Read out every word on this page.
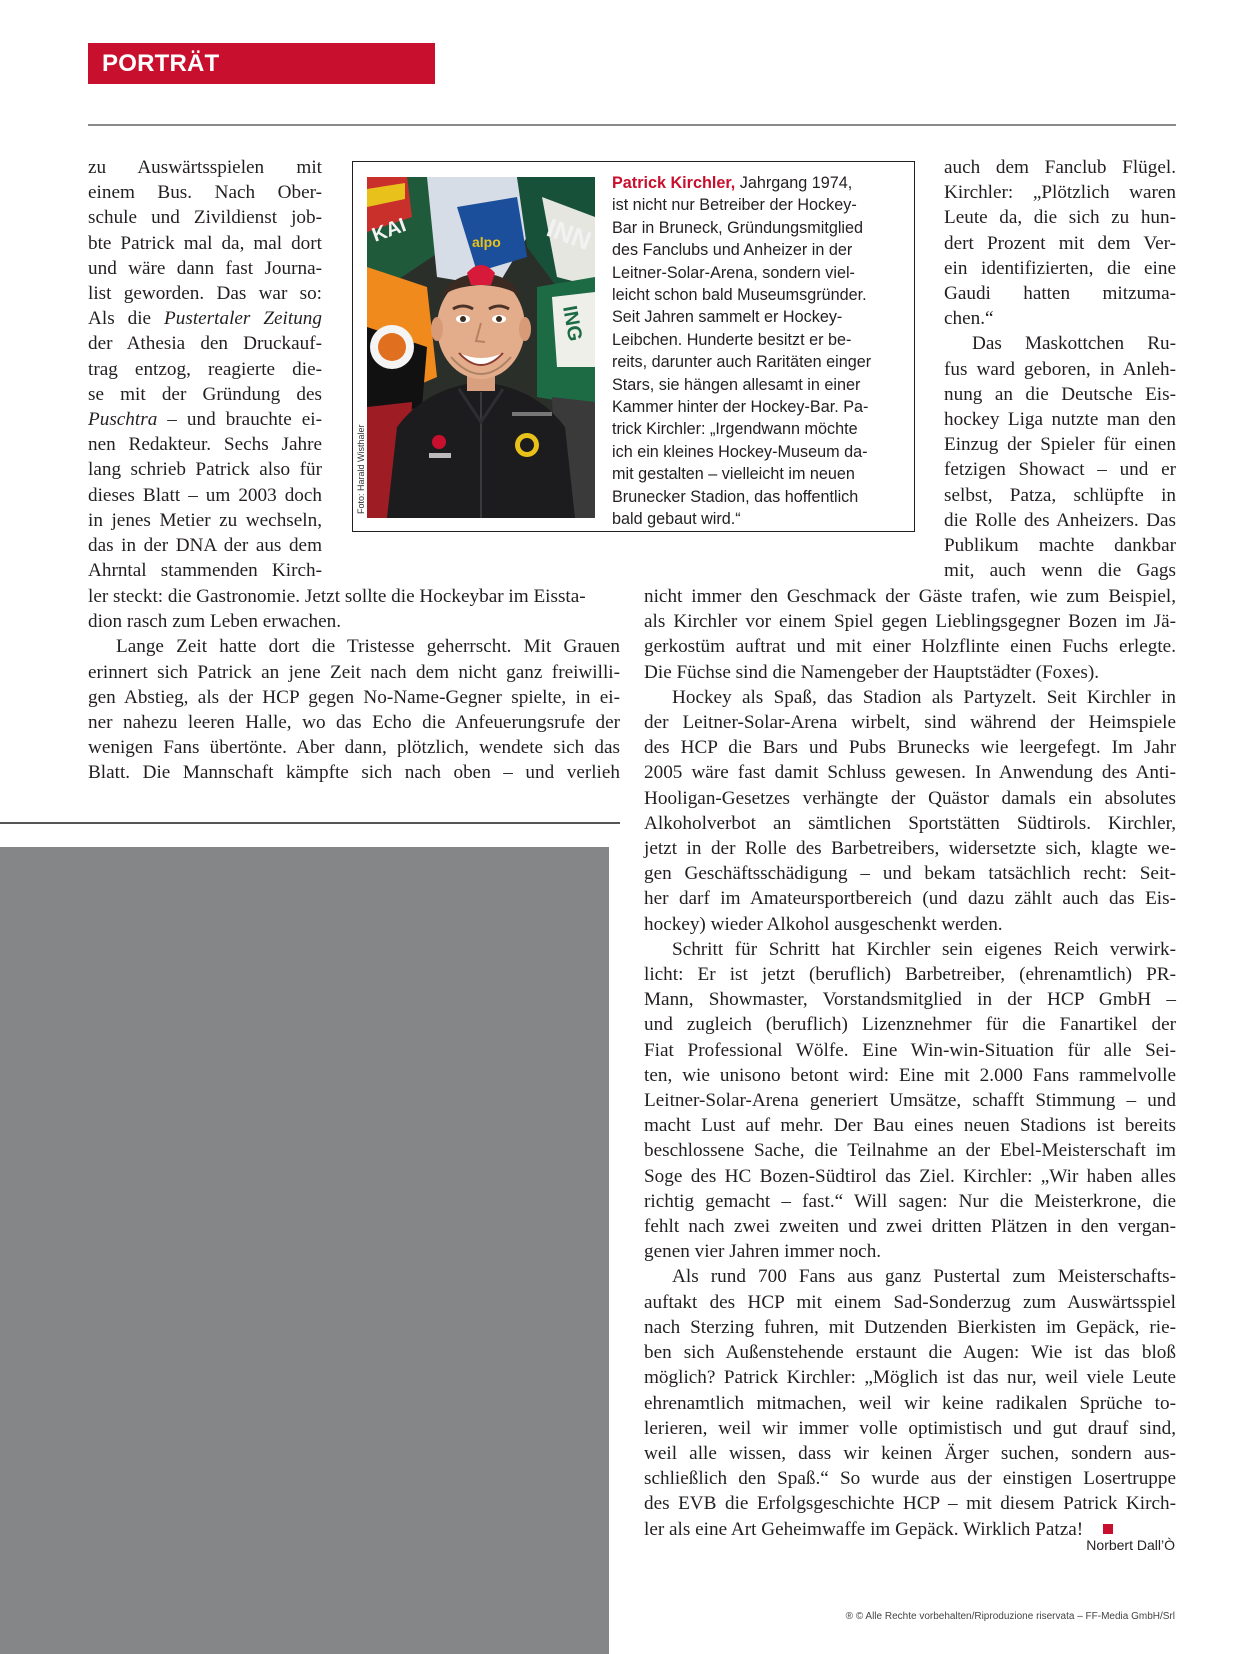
PORTRÄT
zu Auswärtsspielen mit
einem Bus. Nach Ober-
schule und Zivildienst job-
bte Patrick mal da, mal dort
und wäre dann fast Journa-
list geworden. Das war so:
Als die Pustertaler Zeitung
der Athesia den Druckauf-
trag entzog, reagierte die-
se mit der Gründung des
Puschtra – und brauchte ei-
nen Redakteur. Sechs Jahre
lang schrieb Patrick also für
dieses Blatt – um 2003 doch
in jenes Metier zu wechseln,
das in der DNA der aus dem
Ahrntal stammenden Kirch-
ler steckt: die Gastronomie. Jetzt sollte die Hockeybar im Eissta-
dion rasch zum Leben erwachen.
Lange Zeit hatte dort die Tristesse geherrscht. Mit Grauen
erinnert sich Patrick an jene Zeit nach dem nicht ganz freiwilli-
gen Abstieg, als der HCP gegen No-Name-Gegner spielte, in ei-
ner nahezu leeren Halle, wo das Echo die Anfeuerungsrufe der
wenigen Fans übertönte. Aber dann, plötzlich, wendete sich das
Blatt. Die Mannschaft kämpfte sich nach oben – und verlieh
KAI	alpo INN
ING
Foto: Harald Wisthaler
Patrick Kirchler, Jahrgang 1974,
ist nicht nur Betreiber der Hockey-
Bar in Bruneck, Gründungsmitglied
des Fanclubs und Anheizer in der
Leitner-Solar-Arena, sondern viel-
leicht schon bald Museumsgründer.
Seit Jahren sammelt er Hockey-
Leibchen. Hunderte besitzt er be-
reits, darunter auch Raritäten einger
Stars, sie hängen allesamt in einer
Kammer hinter der Hockey-Bar. Pa-
trick Kirchler: „Irgendwann möchte
ich ein kleines Hockey-Museum da-
mit gestalten – vielleicht im neuen
Brunecker Stadion, das hoffentlich
bald gebaut wird.“
auch dem Fanclub Flügel.
Kirchler: „Plötzlich waren
Leute da, die sich zu hun-
dert Prozent mit dem Ver-
ein identifizierten, die eine
Gaudi hatten mitzuma-
chen.“
Das Maskottchen Ru-
fus ward geboren, in Anleh-
nung an die Deutsche Eis-
hockey Liga nutzte man den
Einzug der Spieler für einen
fetzigen Showact – und er
selbst, Patza, schlüpfte in
die Rolle des Anheizers. Das
Publikum machte dankbar
mit, auch wenn die Gags
nicht immer den Geschmack der Gäste trafen, wie zum Beispiel,
als Kirchler vor einem Spiel gegen Lieblingsgegner Bozen im Jä-
gerkostüm auftrat und mit einer Holzflinte einen Fuchs erlegte.
Die Füchse sind die Namengeber der Hauptstädter (Foxes).
Hockey als Spaß, das Stadion als Partyzelt. Seit Kirchler in
der Leitner-Solar-Arena wirbelt, sind während der Heimspiele
des HCP die Bars und Pubs Brunecks wie leergefegt. Im Jahr
2005 wäre fast damit Schluss gewesen. In Anwendung des Anti-
Hooligan-Gesetzes verhängte der Quästor damals ein absolutes
Alkoholverbot an sämtlichen Sportstätten Südtirols. Kirchler,
jetzt in der Rolle des Barbetreibers, widersetzte sich, klagte we-
gen Geschäftsschädigung – und bekam tatsächlich recht: Seit-
her darf im Amateursportbereich (und dazu zählt auch das Eis-
hockey) wieder Alkohol ausgeschenkt werden.
Schritt für Schritt hat Kirchler sein eigenes Reich verwirk-
licht: Er ist jetzt (beruflich) Barbetreiber, (ehrenamtlich) PR-
Mann, Showmaster, Vorstandsmitglied in der HCP GmbH –
und zugleich (beruflich) Lizenznehmer für die Fanartikel der
Fiat Professional Wölfe. Eine Win-win-Situation für alle Sei-
ten, wie unisono betont wird: Eine mit 2.000 Fans rammelvolle
Leitner-Solar-Arena generiert Umsätze, schafft Stimmung – und
macht Lust auf mehr. Der Bau eines neuen Stadions ist bereits
beschlossene Sache, die Teilnahme an der Ebel-Meisterschaft im
Soge des HC Bozen-Südtirol das Ziel. Kirchler: „Wir haben alles
richtig gemacht – fast.“ Will sagen: Nur die Meisterkrone, die
fehlt nach zwei zweiten und zwei dritten Plätzen in den vergan-
genen vier Jahren immer noch.
Als rund 700 Fans aus ganz Pustertal zum Meisterschafts-
auftakt des HCP mit einem Sad-Sonderzug zum Auswärtsspiel
nach Sterzing fuhren, mit Dutzenden Bierkisten im Gepäck, rie-
ben sich Außenstehende erstaunt die Augen: Wie ist das bloß
möglich? Patrick Kirchler: „Möglich ist das nur, weil viele Leute
ehrenamtlich mitmachen, weil wir keine radikalen Sprüche to-
lerieren, weil wir immer volle optimistisch und gut drauf sind,
weil alle wissen, dass wir keinen Ärger suchen, sondern aus-
schließlich den Spaß.“ So wurde aus der einstigen Losertruppe
des EVB die Erfolgsgeschichte HCP – mit diesem Patrick Kirch-
ler als eine Art Geheimwaffe im Gepäck. Wirklich Patza!
Norbert Dall’Ò
® © Alle Rechte vorbehalten/Riproduzione riservata – FF-Media GmbH/Srl
